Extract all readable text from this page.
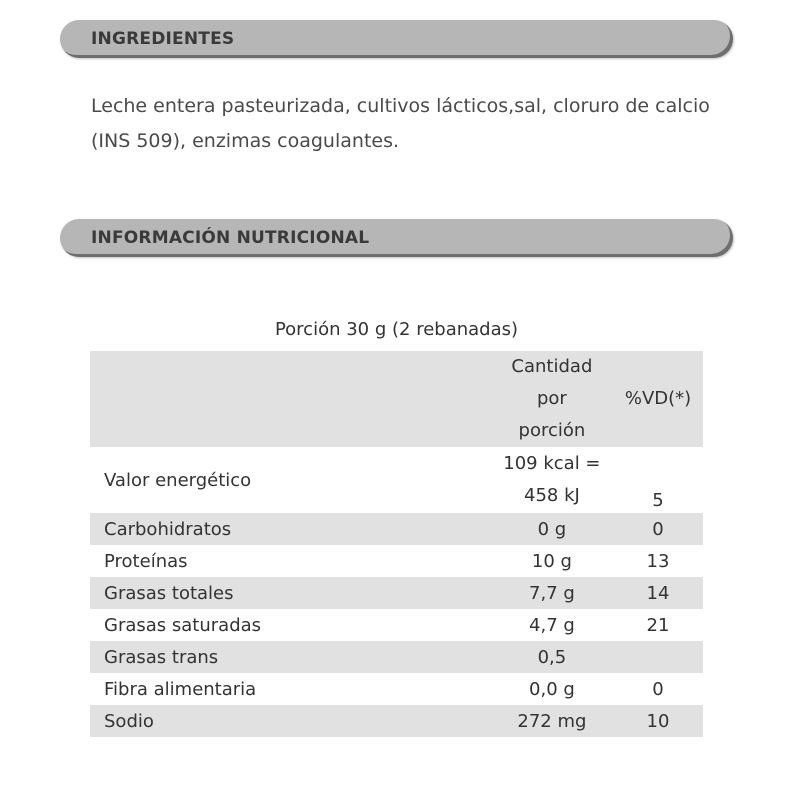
INGREDIENTES

Leche entera pasteurizada, cultivos lácticos,sal, cloruro de calcio (INS 509), enzimas coagulantes.

INFORMACIÓN NUTRICIONAL
Porción 30 g (2 rebanadas)

	Cantidad
por
porción	%VD(*)
Valor energético	109 kcal =
458 kJ	5
Carbohidratos	0 g	0
Proteínas	10 g	13
Grasas totales	7,7 g	14
Grasas saturadas	4,7 g	21
Grasas trans	0,5	
Fibra alimentaria	0,0 g	0
Sodio	272 mg	10
